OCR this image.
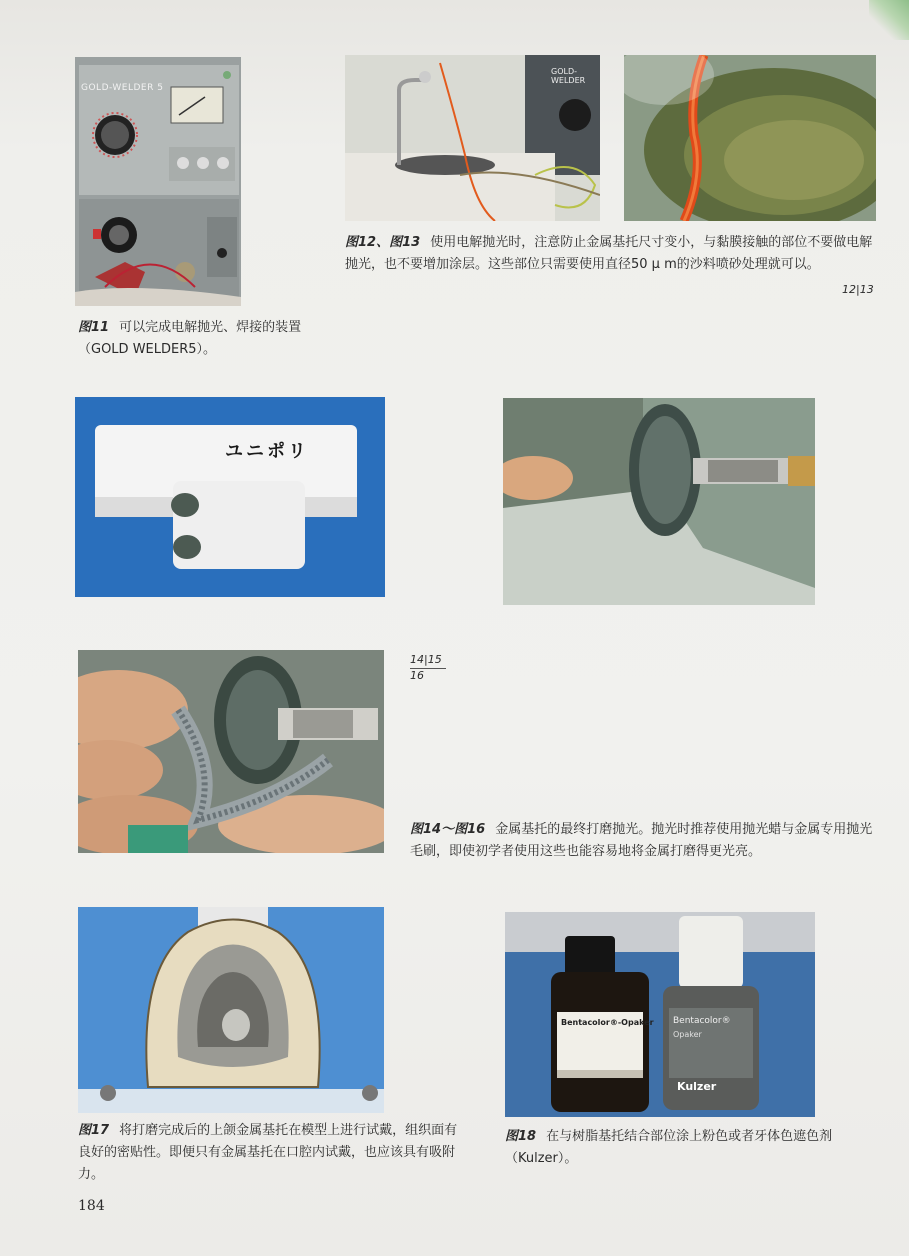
GOLD-WELDER 5
图11 可以完成电解抛光、焊接的装置（GOLD WELDER5）。
GOLD-WELDER
图12、图13 使用电解抛光时，注意防止金属基托尺寸变小，与黏膜接触的部位不要做电解抛光，也不要增加涂层。这些部位只需要使用直径50 μ m的沙料喷砂处理就可以。
12|13
ユニポリ
14|15
16
图14～图16 金属基托的最终打磨抛光。抛光时推荐使用抛光蜡与金属专用抛光毛刷，即使初学者使用这些也能容易地将金属打磨得更光亮。
图17 将打磨完成后的上颌金属基托在模型上进行试戴，组织面有良好的密贴性。即便只有金属基托在口腔内试戴，也应该具有吸附力。
Bentacolor®-Opaker Bentacolor®
Opaker
Kulzer
图18 在与树脂基托结合部位涂上粉色或者牙体色遮色剂（Kulzer）。
184
